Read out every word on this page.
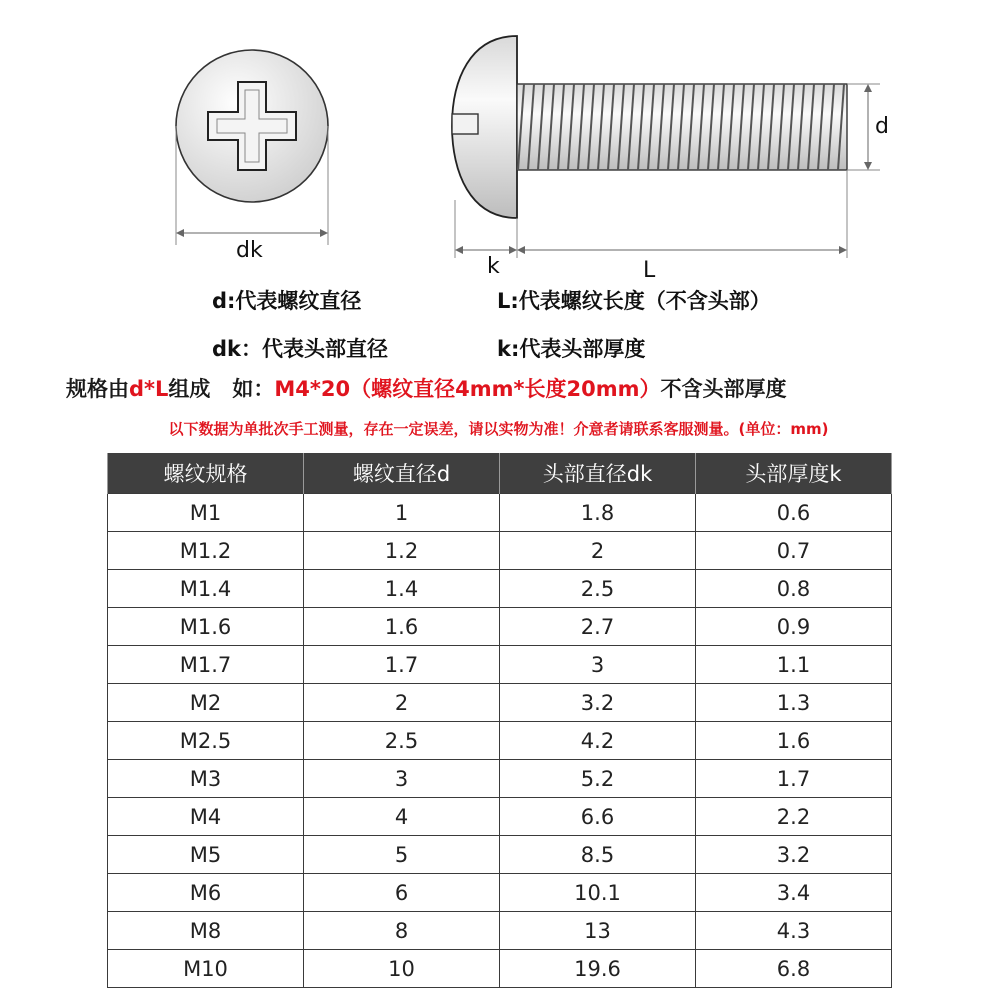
dk
d
k	L
d:代表螺纹直径	L:代表螺纹长度（不含头部）
dk：代表头部直径	k:代表头部厚度
规格由d*L组成 如：M4*20（螺纹直径4mm*长度20mm）不含头部厚度
以下数据为单批次手工测量，存在一定误差，请以实物为准！介意者请联系客服测量。(单位：mm)
螺纹规格	螺纹直径d	头部直径dk	头部厚度k
M1	1	1.8	0.6
M1.2	1.2	2	0.7
M1.4	1.4	2.5	0.8
M1.6	1.6	2.7	0.9
M1.7	1.7	3	1.1
M2	2	3.2	1.3
M2.5	2.5	4.2	1.6
M3	3	5.2	1.7
M4	4	6.6	2.2
M5	5	8.5	3.2
M6	6	10.1	3.4
M8	8	13	4.3
M10	10	19.6	6.8
